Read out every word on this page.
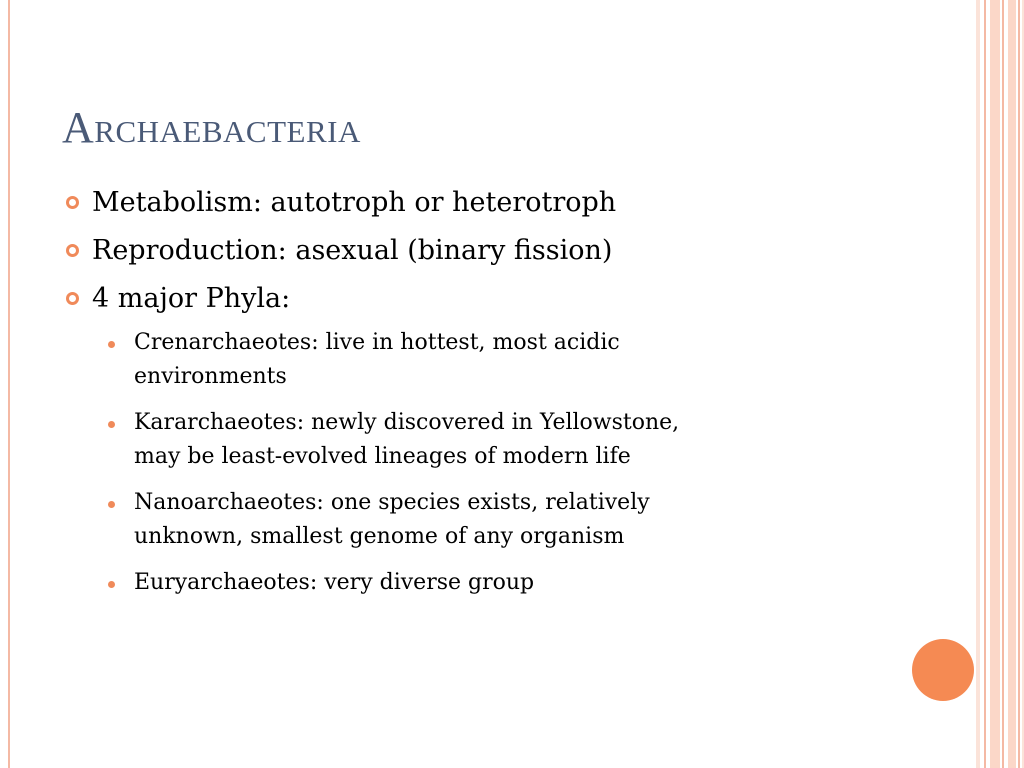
Archaebacteria
Metabolism: autotroph or heterotroph
Reproduction: asexual (binary fission)
4 major Phyla:
Crenarchaeotes: live in hottest, most acidic
environments
Kararchaeotes: newly discovered in Yellowstone,
may be least-evolved lineages of modern life
Nanoarchaeotes: one species exists, relatively
unknown, smallest genome of any organism
Euryarchaeotes: very diverse group
